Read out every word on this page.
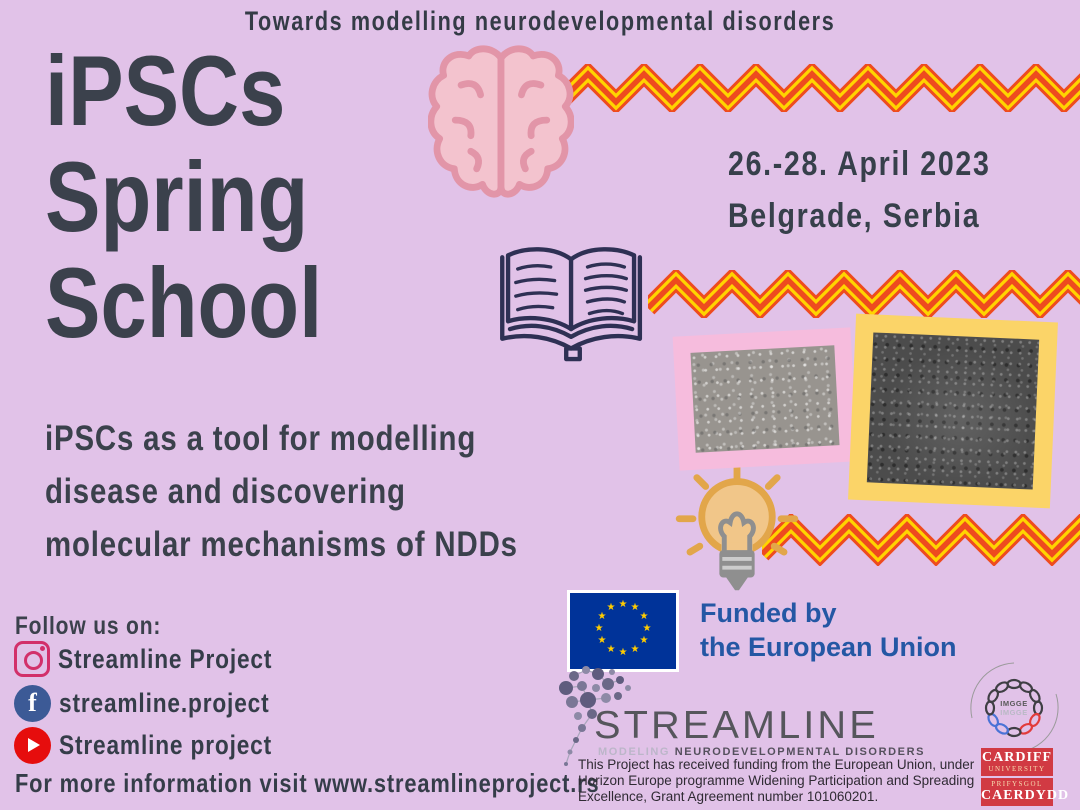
Towards modelling neurodevelopmental disorders
iPSCs
Spring
School
26.-28. April 2023
Belgrade, Serbia
iPSCs as a tool for modelling
disease and discovering
molecular mechanisms of NDDs
Follow us on:
Streamline Project
f streamline.project
Streamline project
For more information visit www.streamlineproject.rs
★ ★
★
★
★
★
★
★
★
★
★
★	Funded by
the European Union
STREAMLINE
MODELING NEURODEVELOPMENTAL DISORDERS
This Project has received funding from the European Union, under Horizon Europe programme Widening Participation and Spreading Excellence, Grant Agreement number 101060201.
IMGGE
IMGGE
CARDIFF
UNIVERSITY
PRIFYSGOL
CAERDYDD
